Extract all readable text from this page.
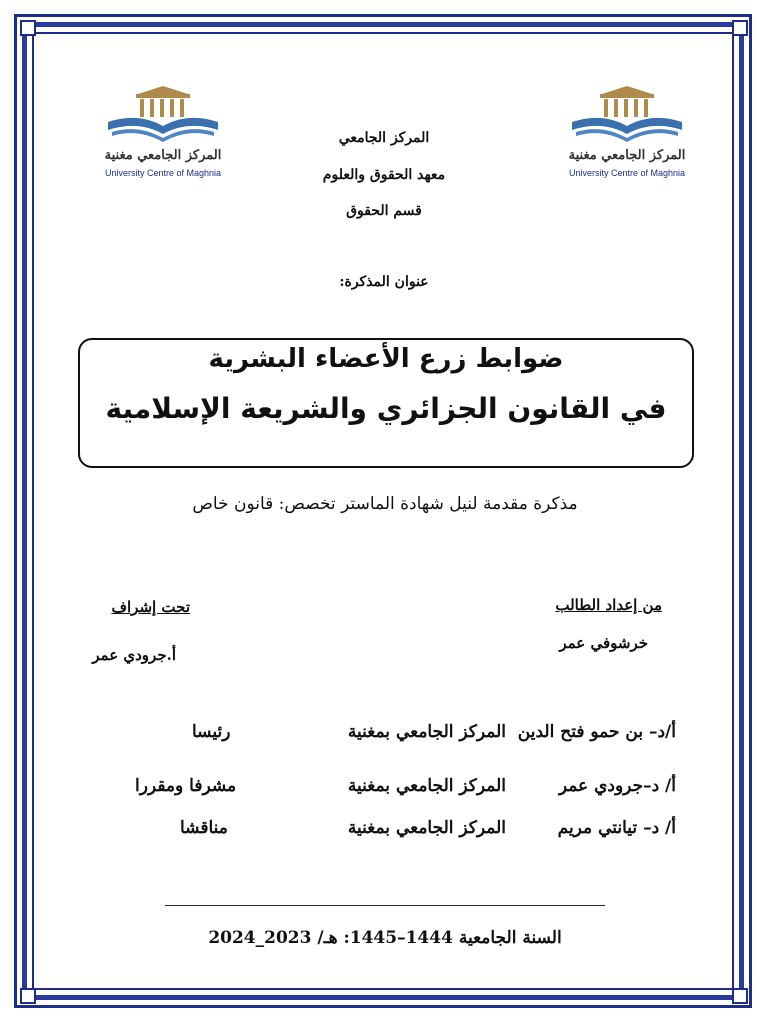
المركز الجامعي مغنية
University Centre of Maghnia
المركز الجامعي مغنية
University Centre of Maghnia
المركز الجامعي
معهد الحقوق والعلوم
قسم الحقوق
عنوان المذكرة:
ضوابط زرع الأعضاء البشرية
في القانون الجزائري والشريعة الإسلامية
مذكرة مقدمة لنيل شهادة الماستر تخصص: قانون خاص
من إعداد الطالب
خرشوفي عمر
تحت إشراف
أ.جرودي عمر
أ/د– بن حمو فتح الدين
المركز الجامعي بمغنية
رئيسا
أ/ د–جرودي عمر
المركز الجامعي بمغنية
مشرفا ومقررا
أ/ د– تيانتي مريم
المركز الجامعي بمغنية
مناقشا
السنة الجامعية 1444–1445: هـ/ 2023_2024
